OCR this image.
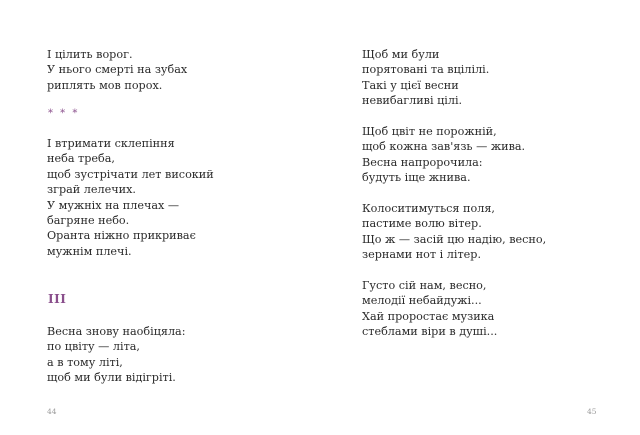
І цілить ворог.
У нього смерті на зубах
риплять мов порох.
* * *
І втримати склепіння
неба треба,
щоб зустрічати лет високий
зграй лелечих.
У мужніх на плечах —
багряне небо.
Оранта ніжно прикриває
мужнім плечі.
III
Весна знову наобіцяла:
по цвіту — літа,
а в тому літі,
щоб ми були відігріті.
44
Щоб ми були
порятовані та вцілілі.
Такі у цієї весни
невибагливі цілі.
Щоб цвіт не порожній,
щоб кожна зав'язь — жива.
Весна напророчила:
будуть іще жнива.
Колоситимуться поля,
пастиме волю вітер.
Що ж — засій цю надію, весно,
зернами нот і літер.
Густо сій нам, весно,
мелодії небайдужі...
Хай проростає музика
стеблами віри в душі...
45
